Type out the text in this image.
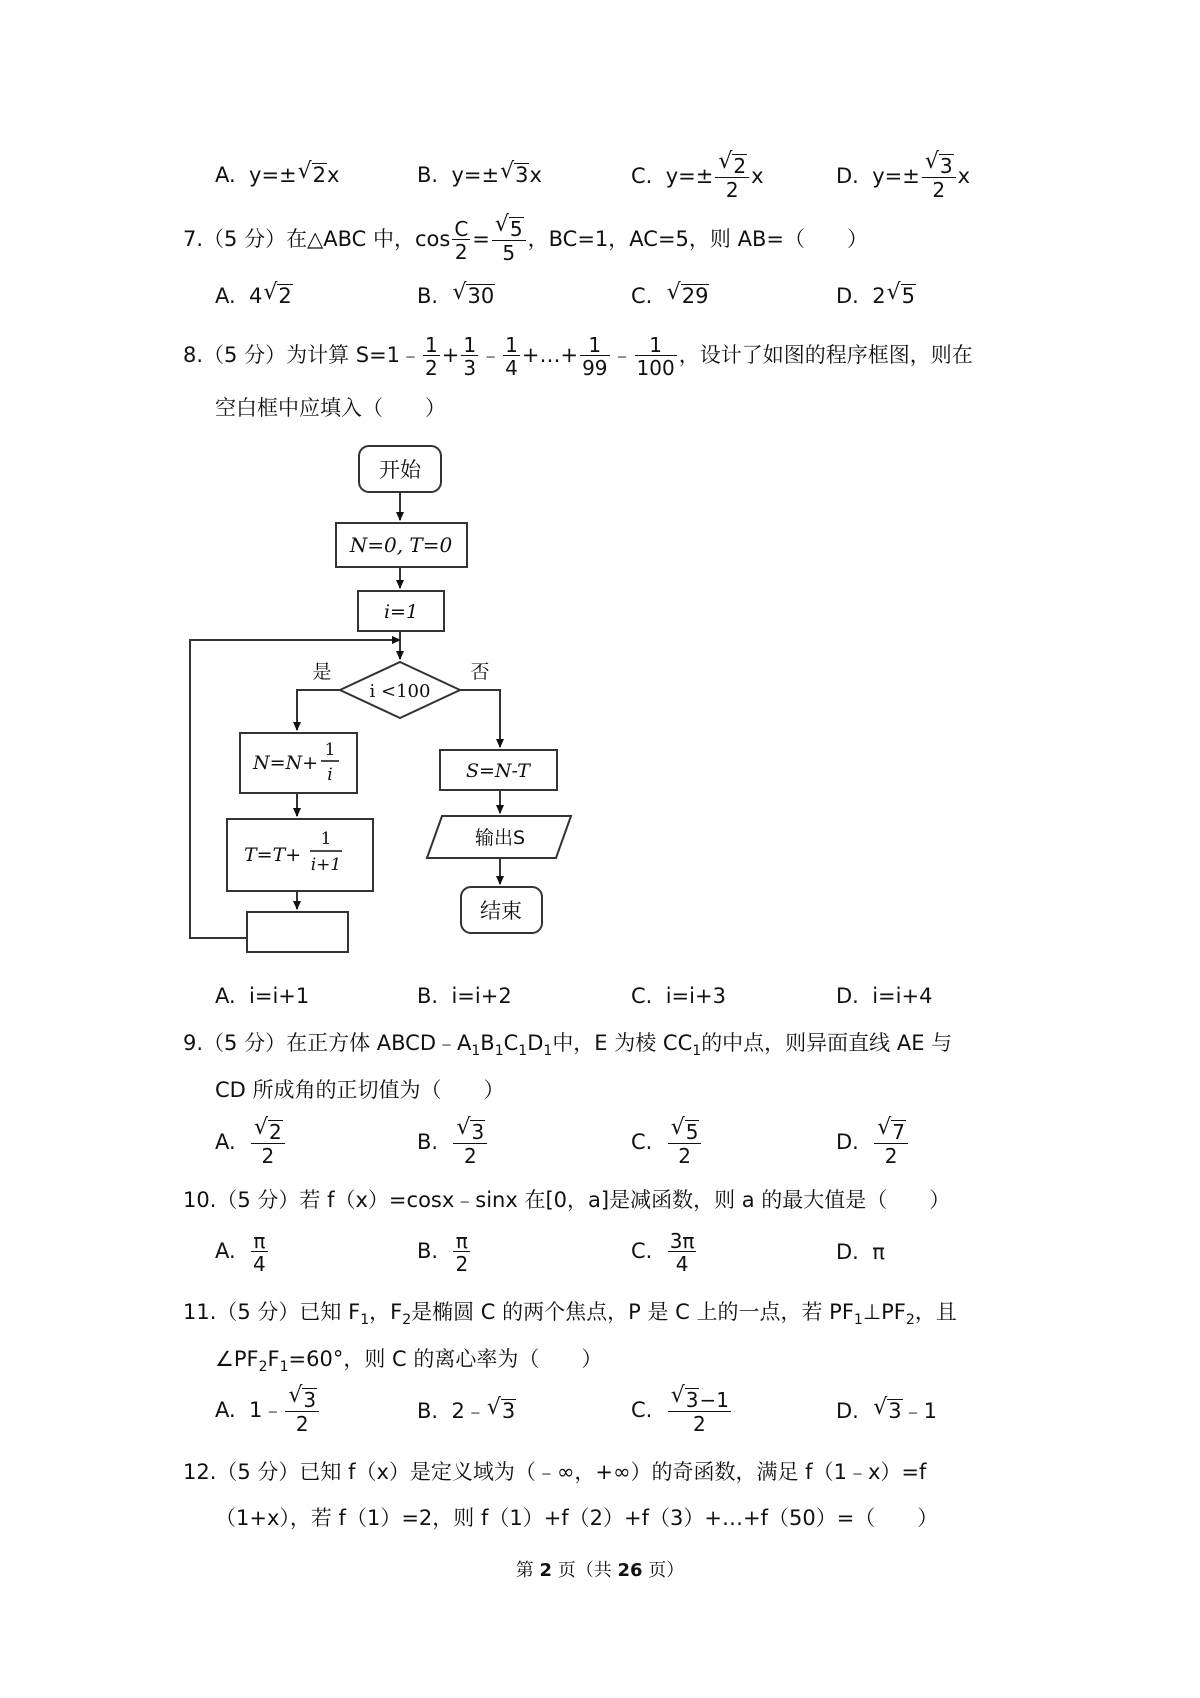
A. y=± √ 2x	B. y=± √ 3x	C. y=± √ $\frac{2}{2}$ x	D. y=± √ $\frac{3}{2}$ x
7.（5 分）在△ABC 中，$\cos \frac{C}{2}$ = √ $\frac{5}{5}$ ，BC=1，AC=5，则 AB=（　　）
A. 4 √ 2	B. √ 30	C. √ 29	D. 2 √ 5
8.（5 分）为计算 S=1﹣ $\frac{1}{2} + \frac{1}{3}$ ﹣ $\frac{1}{4}$ +…+ $\frac{1}{99}$ ﹣ $\frac{1}{100}$ ，设计了如图的程序框图，则在
空白框中应填入（　　）
开始
N=0, T=0
i=1
i <100
是	否
N=N+
1
i
T=T+
1
i+1
S=N-T
输出S
结束
A. i=i+1	B. i=i+2	C. i=i+3	D. i=i+4
9.（5 分）在正方体 $ABCD﹣A_1B_1C_1D_1$中，E 为棱 $CC_1$的中点，则异面直线 AE 与
CD 所成角的正切值为（　　）
A. √ $\frac{2}{2}$	B. √ $\frac{3}{2}$	C. √ $\frac{5}{2}$	D. √ $\frac{7}{2}$
10.（5 分）若 f（x）=cosx﹣sinx 在[0，a]是减函数，则 a 的最大值是（　　）
A. $\frac{\pi}{4}$	B. $\frac{\pi}{2}$	C. $\frac{3\pi}{4}$	D. π
11.（5 分）已知 $F_1$，$F_2$是椭圆 C 的两个焦点，P 是 C 上的一点，若 $PF_1\perp PF_2$，且
$\angle PF_2F_1=60^\circ$，则 C 的离心率为（　　）
A. 1﹣ √ $\frac{3}{2}$	B. 2﹣ √ 3	C. √ $\frac{3-1}{2}$	D. √ 3﹣1
12.（5 分）已知 f（x）是定义域为（﹣∞，+∞）的奇函数，满足 f（1﹣x）=f
（1+x），若 f（1）=2，则 f（1）+f（2）+f（3）+…+f（50）=（　　）
第 2 页（共 26 页）
